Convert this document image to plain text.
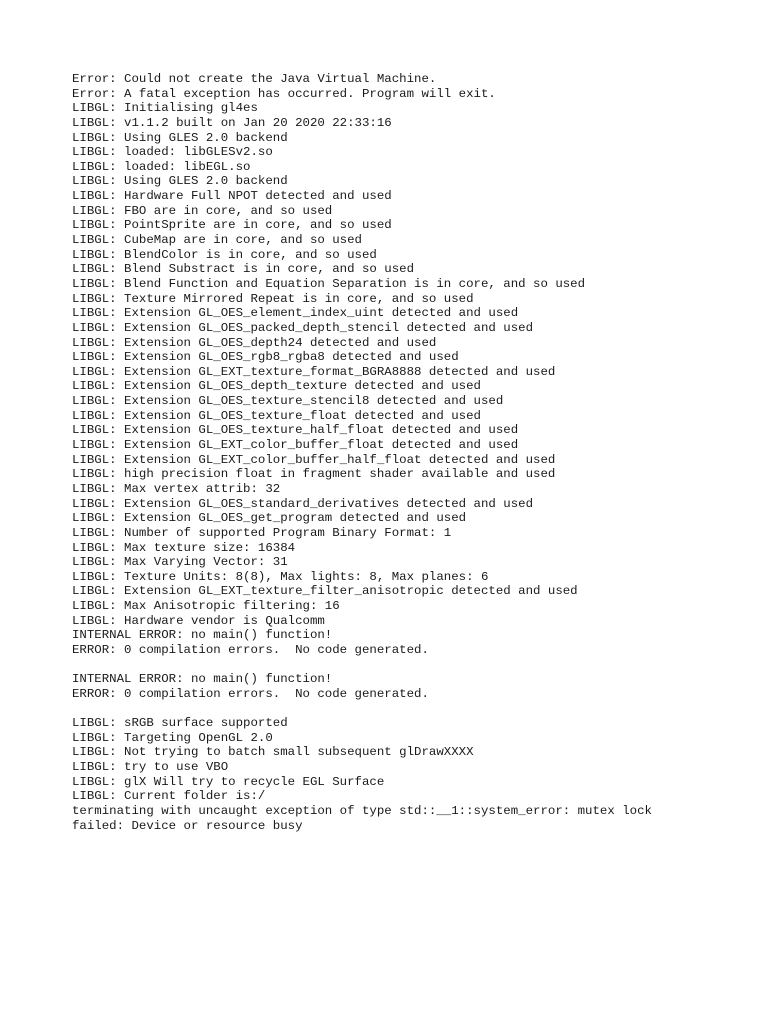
Error: Could not create the Java Virtual Machine.
Error: A fatal exception has occurred. Program will exit.
LIBGL: Initialising gl4es
LIBGL: v1.1.2 built on Jan 20 2020 22:33:16
LIBGL: Using GLES 2.0 backend
LIBGL: loaded: libGLESv2.so
LIBGL: loaded: libEGL.so
LIBGL: Using GLES 2.0 backend
LIBGL: Hardware Full NPOT detected and used
LIBGL: FBO are in core, and so used
LIBGL: PointSprite are in core, and so used
LIBGL: CubeMap are in core, and so used
LIBGL: BlendColor is in core, and so used
LIBGL: Blend Substract is in core, and so used
LIBGL: Blend Function and Equation Separation is in core, and so used
LIBGL: Texture Mirrored Repeat is in core, and so used
LIBGL: Extension GL_OES_element_index_uint detected and used
LIBGL: Extension GL_OES_packed_depth_stencil detected and used
LIBGL: Extension GL_OES_depth24 detected and used
LIBGL: Extension GL_OES_rgb8_rgba8 detected and used
LIBGL: Extension GL_EXT_texture_format_BGRA8888 detected and used
LIBGL: Extension GL_OES_depth_texture detected and used
LIBGL: Extension GL_OES_texture_stencil8 detected and used
LIBGL: Extension GL_OES_texture_float detected and used
LIBGL: Extension GL_OES_texture_half_float detected and used
LIBGL: Extension GL_EXT_color_buffer_float detected and used
LIBGL: Extension GL_EXT_color_buffer_half_float detected and used
LIBGL: high precision float in fragment shader available and used
LIBGL: Max vertex attrib: 32
LIBGL: Extension GL_OES_standard_derivatives detected and used
LIBGL: Extension GL_OES_get_program detected and used
LIBGL: Number of supported Program Binary Format: 1
LIBGL: Max texture size: 16384
LIBGL: Max Varying Vector: 31
LIBGL: Texture Units: 8(8), Max lights: 8, Max planes: 6
LIBGL: Extension GL_EXT_texture_filter_anisotropic detected and used
LIBGL: Max Anisotropic filtering: 16
LIBGL: Hardware vendor is Qualcomm
INTERNAL ERROR: no main() function!
ERROR: 0 compilation errors.  No code generated.
INTERNAL ERROR: no main() function!
ERROR: 0 compilation errors.  No code generated.
LIBGL: sRGB surface supported
LIBGL: Targeting OpenGL 2.0
LIBGL: Not trying to batch small subsequent glDrawXXXX
LIBGL: try to use VBO
LIBGL: glX Will try to recycle EGL Surface
LIBGL: Current folder is:/
terminating with uncaught exception of type std::__1::system_error: mutex lock
failed: Device or resource busy
